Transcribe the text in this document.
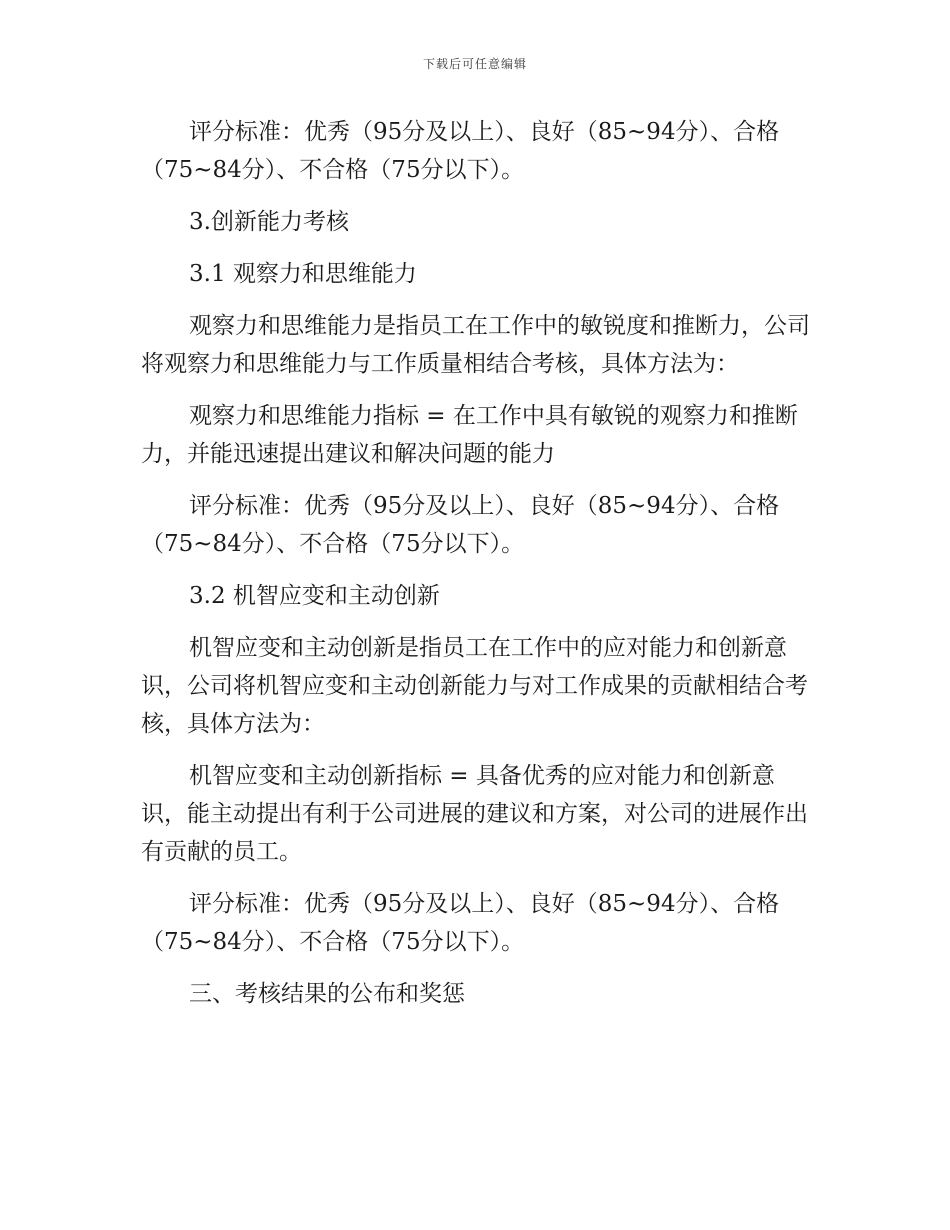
下载后可任意编辑

评分标准：优秀（95分及以上）、良好（85~94分）、合格（75~84分）、不合格（75分以下）。

3.创新能力考核

3.1 观察力和思维能力

观察力和思维能力是指员工在工作中的敏锐度和推断力，公司将观察力和思维能力与工作质量相结合考核，具体方法为：

观察力和思维能力指标 = 在工作中具有敏锐的观察力和推断力，并能迅速提出建议和解决问题的能力

评分标准：优秀（95分及以上）、良好（85~94分）、合格（75~84分）、不合格（75分以下）。

3.2 机智应变和主动创新

机智应变和主动创新是指员工在工作中的应对能力和创新意识，公司将机智应变和主动创新能力与对工作成果的贡献相结合考核，具体方法为：

机智应变和主动创新指标 = 具备优秀的应对能力和创新意识，能主动提出有利于公司进展的建议和方案，对公司的进展作出有贡献的员工。

评分标准：优秀（95分及以上）、良好（85~94分）、合格（75~84分）、不合格（75分以下）。

三、考核结果的公布和奖惩
